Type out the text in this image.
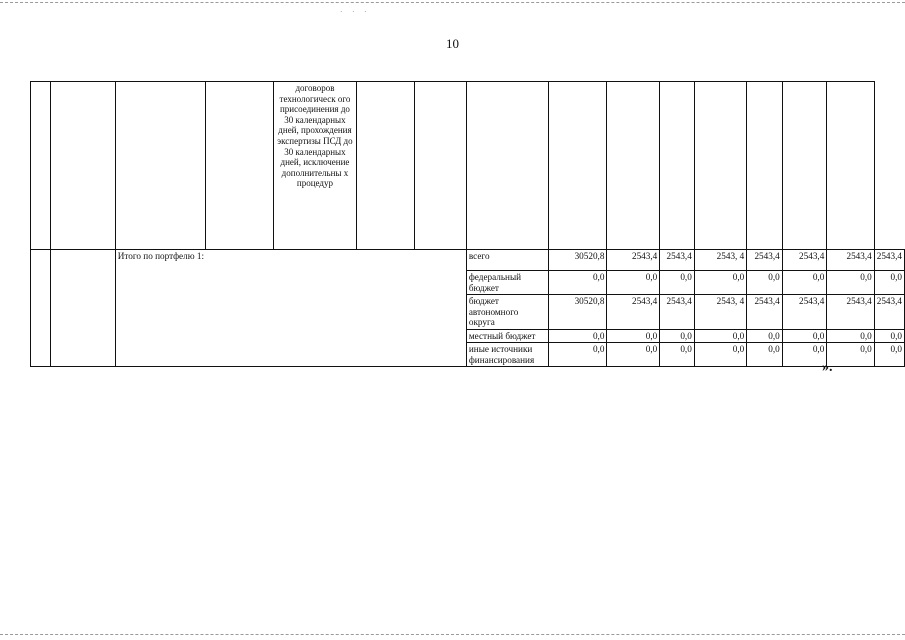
· · ·
10
				договоров технологическ ого присоединения до 30 календарных дней, прохождения экспертизы ПСД до 30 календарных дней, исключение дополнительны х процедур											
		Итого по портфелю 1:					всего	30520,8	2543,4	2543,4	2543, 4	2543,4	2543,4	2543,4	2543,4
							федеральный бюджет	0,0	0,0	0,0	0,0	0,0	0,0	0,0	0,0
							бюджет автономного округа	30520,8	2543,4	2543,4	2543, 4	2543,4	2543,4	2543,4	2543,4
							местный бюджет	0,0	0,0	0,0	0,0	0,0	0,0	0,0	0,0
							иные источники финансирования	0,0	0,0	0,0	0,0	0,0	0,0	0,0	0,0
».
